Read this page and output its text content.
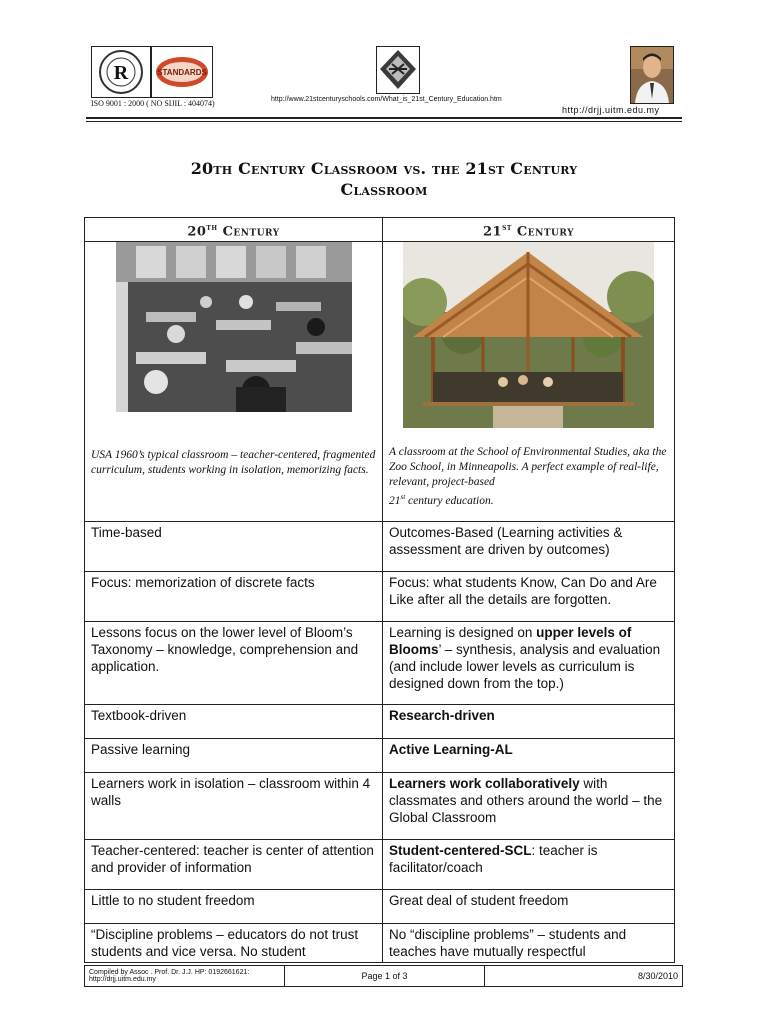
R	STANDARDS
ISO 9001 : 2000 ( NO SIJIL : 404074)	http://www.21stcenturyschools.com/What_is_21st_Century_Education.htm
http://drjj.uitm.edu.my
20th Century Classroom vs. the 21st Century
Classroom
20th Century	21st Century

USA 1960’s typical classroom – teacher-centered, fragmented curriculum, students working in isolation, memorizing facts.	A classroom at the School of Environmental Studies, aka the Zoo School, in Minneapolis. A perfect example of real-life, relevant, project-based
21st century education.

Time-based	Outcomes-Based (Learning activities & assessment are driven by outcomes)
Focus: memorization of discrete facts	Focus: what students Know, Can Do and Are Like after all the details are forgotten.
Lessons focus on the lower level of Bloom’s Taxonomy – knowledge, comprehension and application.	Learning is designed on upper levels of Blooms’ – synthesis, analysis and evaluation (and include lower levels as curriculum is designed down from the top.)
Textbook-driven	Research-driven
Passive learning	Active Learning-AL
Learners work in isolation – classroom within 4 walls	Learners work collaboratively with classmates and others around the world – the Global Classroom
Teacher-centered: teacher is center of attention and provider of information	Student-centered-SCL: teacher is facilitator/coach
Little to no student freedom	Great deal of student freedom
“Discipline problems – educators do not trust students and vice versa. No student	No “discipline problems” – students and teaches have mutually respectful
Compiled by Assoc . Prof. Dr. J.J. HP: 0192661621:
http://drjj.uitm.edu.my	Page 1 of 3	8/30/2010
